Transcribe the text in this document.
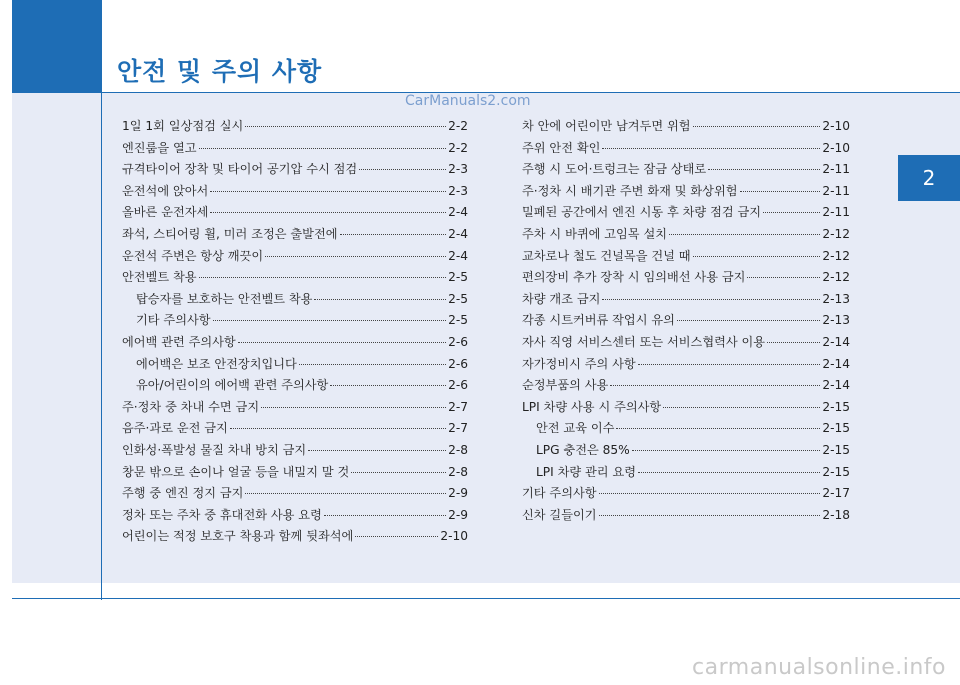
안전 및 주의 사항
CarManuals2.com
2
1일 1회 일상점검 실시	2-2
엔진룸을 열고	2-2
규격타이어 장착 및 타이어 공기압 수시 점검	2-3
운전석에 앉아서	2-3
올바른 운전자세	2-4
좌석, 스티어링 휠, 미러 조정은 출발전에	2-4
운전석 주변은 항상 깨끗이	2-4
안전벨트 착용	2-5
탑승자를 보호하는 안전벨트 착용	2-5
기타 주의사항	2-5
에어백 관련 주의사항	2-6
에어백은 보조 안전장치입니다	2-6
유아/어린이의 에어백 관련 주의사항	2-6
주·정차 중 차내 수면 금지	2-7
음주·과로 운전 금지	2-7
인화성·폭발성 물질 차내 방치 금지	2-8
창문 밖으로 손이나 얼굴 등을 내밀지 말 것	2-8
주행 중 엔진 정지 금지	2-9
정차 또는 주차 중 휴대전화 사용 요령	2-9
어린이는 적정 보호구 착용과 함께 뒷좌석에	2-10
차 안에 어린이만 남겨두면 위험	2-10
주위 안전 확인	2-10
주행 시 도어·트렁크는 잠금 상태로	2-11
주·정차 시 배기관 주변 화재 및 화상위험	2-11
밀폐된 공간에서 엔진 시동 후 차량 점검 금지	2-11
주차 시 바퀴에 고임목 설치	2-12
교차로나 철도 건널목을 건널 때	2-12
편의장비 추가 장착 시 임의배선 사용 금지	2-12
차량 개조 금지	2-13
각종 시트커버류 작업시 유의	2-13
자사 직영 서비스센터 또는 서비스협력사 이용	2-14
자가정비시 주의 사항	2-14
순정부품의 사용	2-14
LPI 차량 사용 시 주의사항	2-15
안전 교육 이수	2-15
LPG 충전은 85%	2-15
LPI 차량 관리 요령	2-15
기타 주의사항	2-17
신차 길들이기	2-18
carmanualsonline.info
